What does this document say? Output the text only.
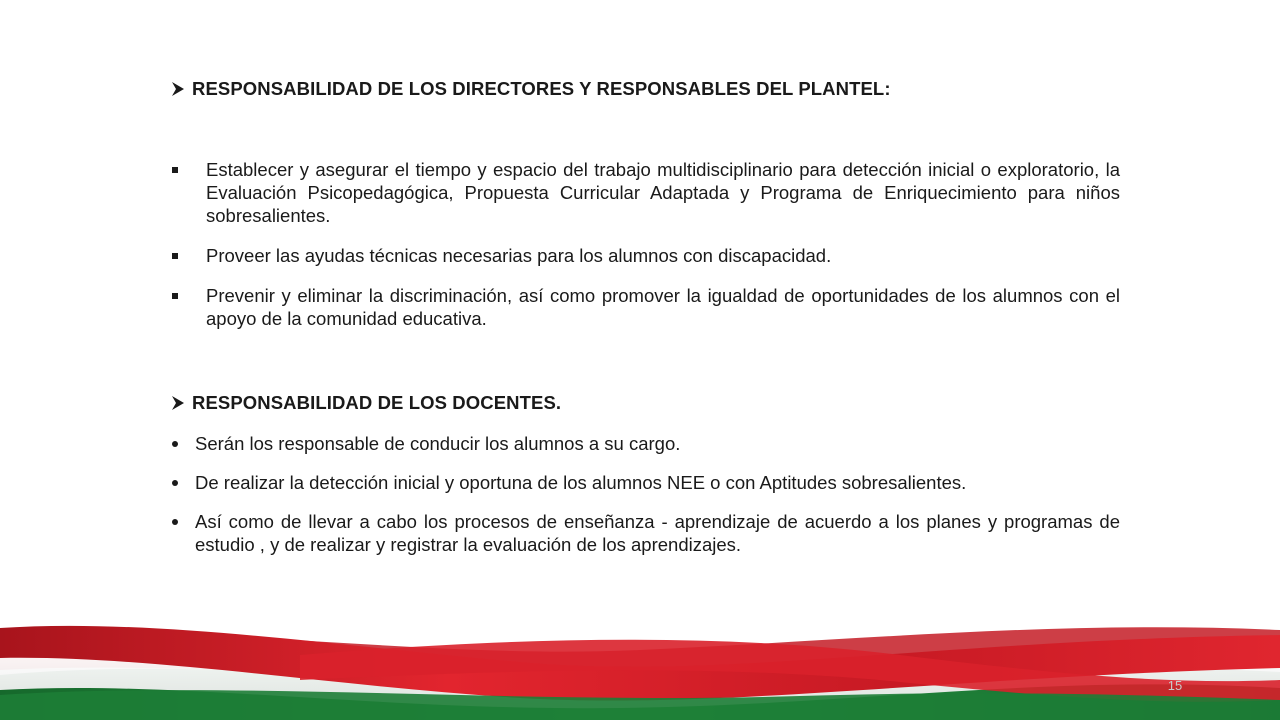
RESPONSABILIDAD DE LOS DIRECTORES Y RESPONSABLES DEL PLANTEL:
Establecer y asegurar el tiempo y espacio del trabajo multidisciplinario para detección inicial o exploratorio, la Evaluación Psicopedagógica, Propuesta Curricular Adaptada y Programa de Enriquecimiento para niños sobresalientes.
Proveer las ayudas técnicas necesarias para los alumnos con discapacidad.
Prevenir y eliminar la discriminación, así como promover la igualdad de oportunidades de los alumnos con el apoyo de la comunidad educativa.
RESPONSABILIDAD DE LOS DOCENTES.
Serán los responsable de conducir los alumnos a su cargo.
De realizar la detección inicial y oportuna de los alumnos NEE o con Aptitudes sobresalientes.
Así como de llevar a cabo los procesos de enseñanza - aprendizaje de acuerdo a los planes y programas de estudio , y de realizar y registrar la evaluación de los aprendizajes.
15
